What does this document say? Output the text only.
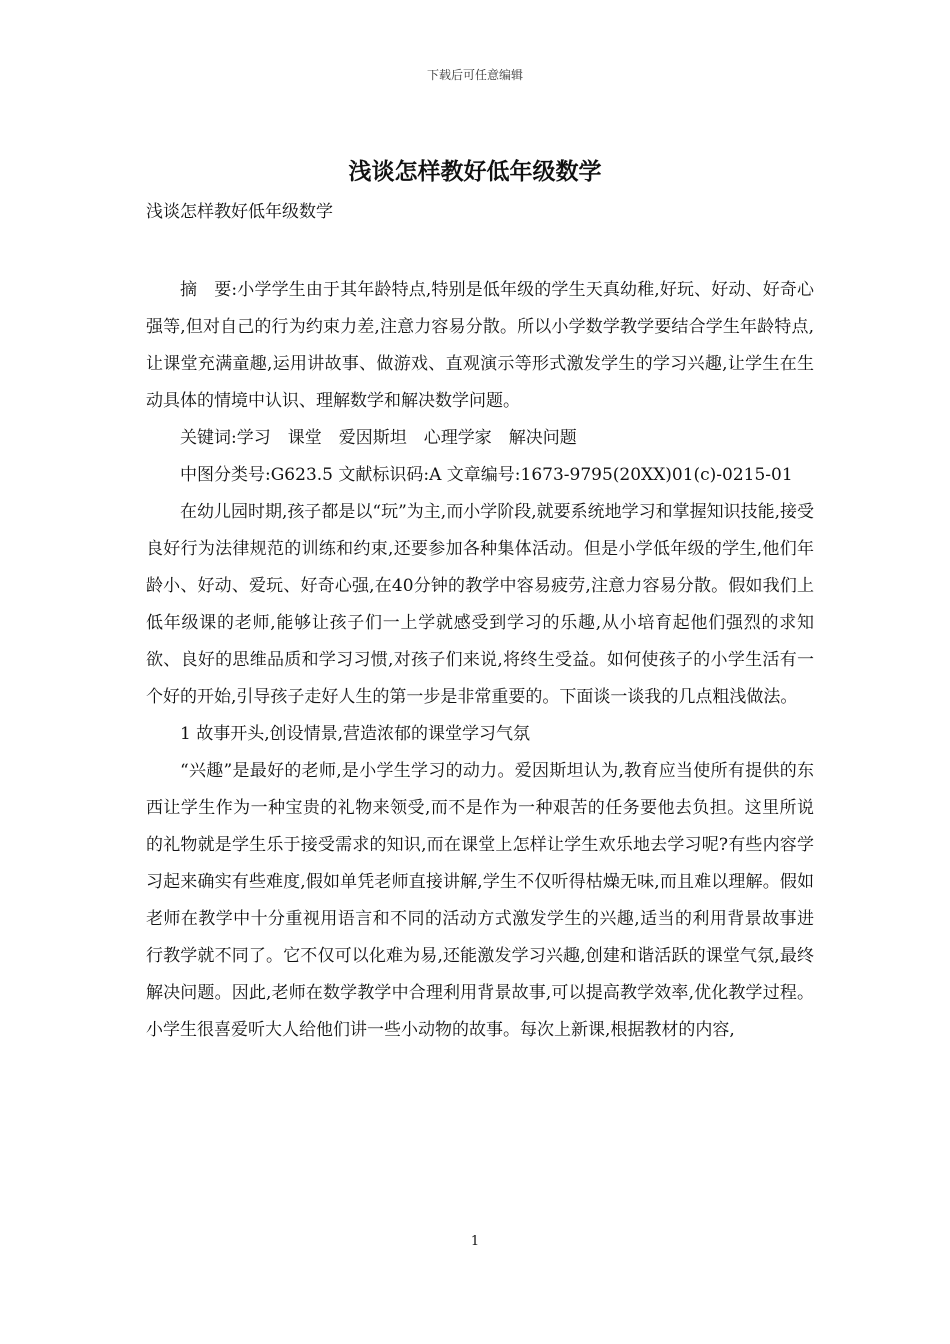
下载后可任意编辑
浅谈怎样教好低年级数学

浅谈怎样教好低年级数学

摘　要:小学学生由于其年龄特点,特别是低年级的学生天真幼稚,好玩、好动、好奇心强等,但对自己的行为约束力差,注意力容易分散。所以小学数学教学要结合学生年龄特点,让课堂充满童趣,运用讲故事、做游戏、直观演示等形式激发学生的学习兴趣,让学生在生动具体的情境中认识、理解数学和解决数学问题。

关键词:学习　课堂　爱因斯坦　心理学家　解决问题

中图分类号:G623.5 文献标识码:A 文章编号:1673-9795(20XX)01(c)-0215-01

在幼儿园时期,孩子都是以“玩”为主,而小学阶段,就要系统地学习和掌握知识技能,接受良好行为法律规范的训练和约束,还要参加各种集体活动。但是小学低年级的学生,他们年龄小、好动、爱玩、好奇心强,在40分钟的教学中容易疲劳,注意力容易分散。假如我们上低年级课的老师,能够让孩子们一上学就感受到学习的乐趣,从小培育起他们强烈的求知欲、良好的思维品质和学习习惯,对孩子们来说,将终生受益。如何使孩子的小学生活有一个好的开始,引导孩子走好人生的第一步是非常重要的。下面谈一谈我的几点粗浅做法。

1 故事开头,创设情景,营造浓郁的课堂学习气氛

“兴趣”是最好的老师,是小学生学习的动力。爱因斯坦认为,教育应当使所有提供的东西让学生作为一种宝贵的礼物来领受,而不是作为一种艰苦的任务要他去负担。这里所说的礼物就是学生乐于接受需求的知识,而在课堂上怎样让学生欢乐地去学习呢?有些内容学习起来确实有些难度,假如单凭老师直接讲解,学生不仅听得枯燥无味,而且难以理解。假如老师在教学中十分重视用语言和不同的活动方式激发学生的兴趣,适当的利用背景故事进行教学就不同了。它不仅可以化难为易,还能激发学习兴趣,创建和谐活跃的课堂气氛,最终解决问题。因此,老师在数学教学中合理利用背景故事,可以提高教学效率,优化教学过程。小学生很喜爱听大人给他们讲一些小动物的故事。每次上新课,根据教材的内容,

1
